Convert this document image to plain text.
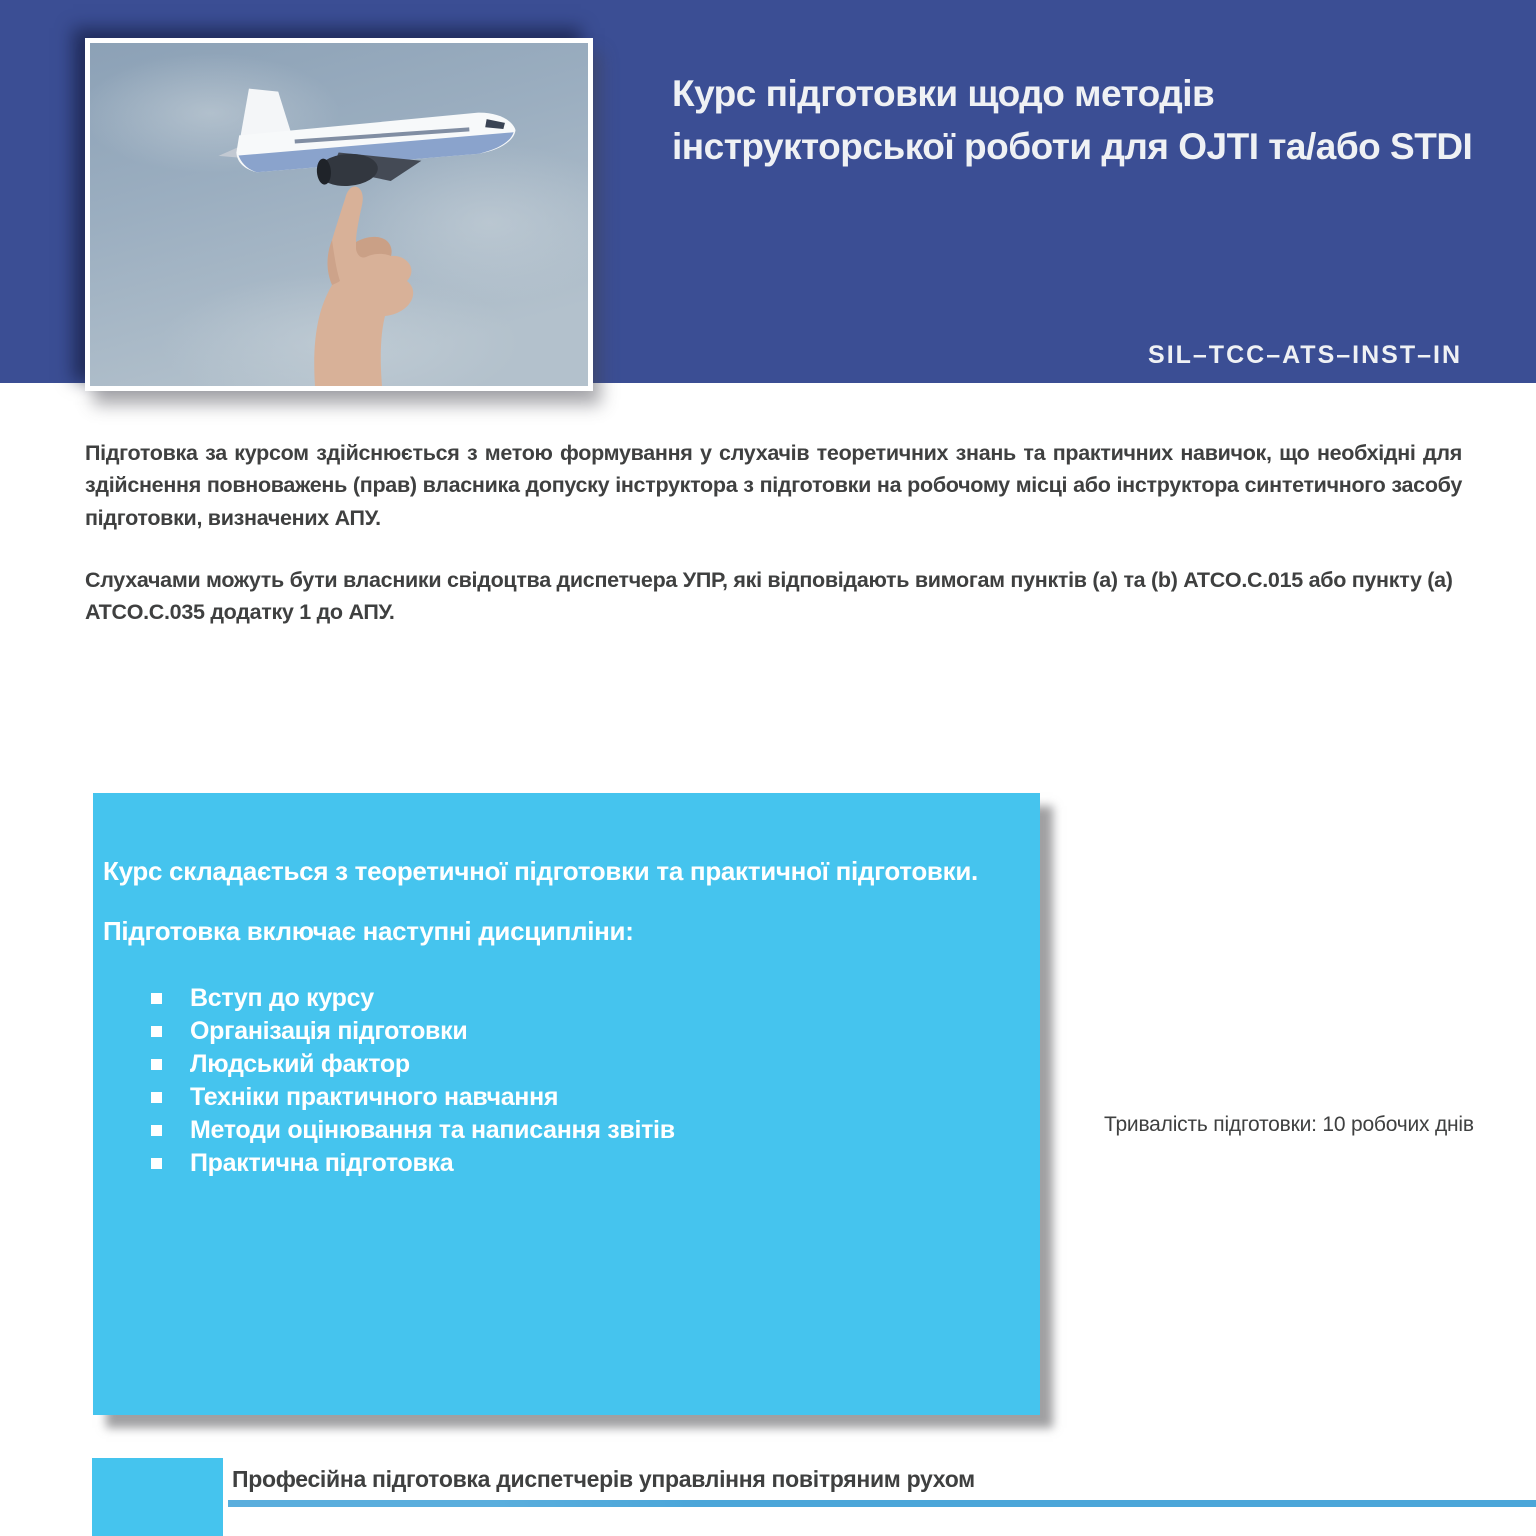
Курс підготовки щодо методів інструкторської роботи для OJTI та/або STDI
SIL–TCC–ATS–INST–IN

Підготовка за курсом здійснюється з метою формування у слухачів теоретичних знань та практичних навичок, що необхідні для здійснення повноважень (прав) власника допуску інструктора з підготовки на робочому місці або інструктора синтетичного засобу підготовки, визначених АПУ.

Слухачами можуть бути власники свідоцтва диспетчера УПР, які відповідають вимогам пунктів (a) та (b) ATCO.C.015 або пункту (a) ATCO.C.035 додатку 1 до АПУ.

Курс складається з теоретичної підготовки та практичної підготовки.
Підготовка включає наступні дисципліни:
Вступ до курсу
Організація підготовки
Людський фактор
Техніки практичного навчання
Методи оцінювання та написання звітів
Практична підготовка
Тривалість підготовки: 10 робочих днів
Професійна підготовка диспетчерів управління повітряним рухом
